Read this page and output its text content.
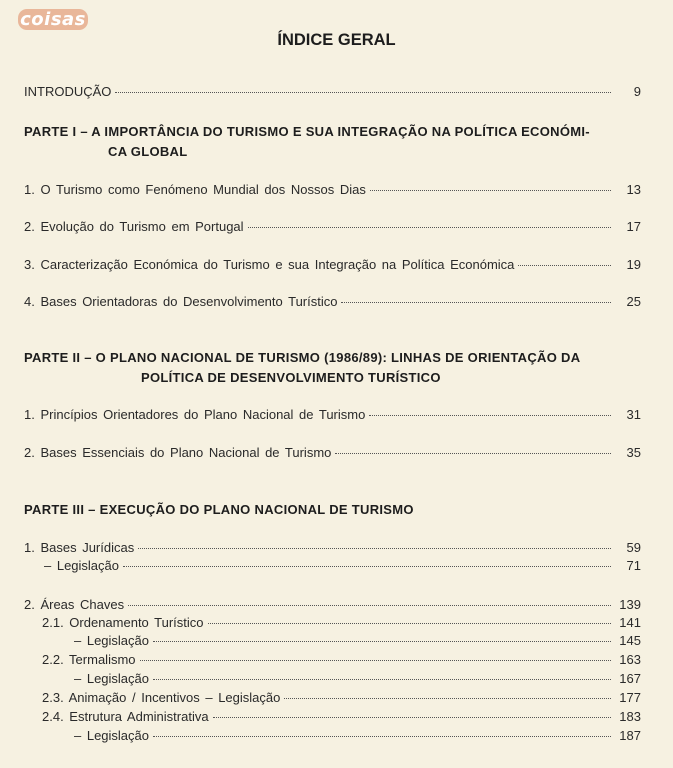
coisas
ÍNDICE GERAL
INTRODUÇÃO	9
PARTE I – A IMPORTÂNCIA DO TURISMO E SUA INTEGRAÇÃO NA POLÍTICA ECONÓMI-
CA GLOBAL
1. O Turismo como Fenómeno Mundial dos Nossos Dias	13
2. Evolução do Turismo em Portugal	17
3. Caracterização Económica do Turismo e sua Integração na Política Económica	19
4. Bases Orientadoras do Desenvolvimento Turístico	25
PARTE II – O PLANO NACIONAL DE TURISMO (1986/89): LINHAS DE ORIENTAÇÃO DA
POLÍTICA DE DESENVOLVIMENTO TURÍSTICO
1. Princípios Orientadores do Plano Nacional de Turismo	31
2. Bases Essenciais do Plano Nacional de Turismo	35
PARTE III – EXECUÇÃO DO PLANO NACIONAL DE TURISMO
1. Bases Jurídicas	59
– Legislação	71
2. Áreas Chaves	139
2.1. Ordenamento Turístico	141
– Legislação	145
2.2. Termalismo	163
– Legislação	167
2.3. Animação / Incentivos – Legislação	177
2.4. Estrutura Administrativa	183
– Legislação	187
